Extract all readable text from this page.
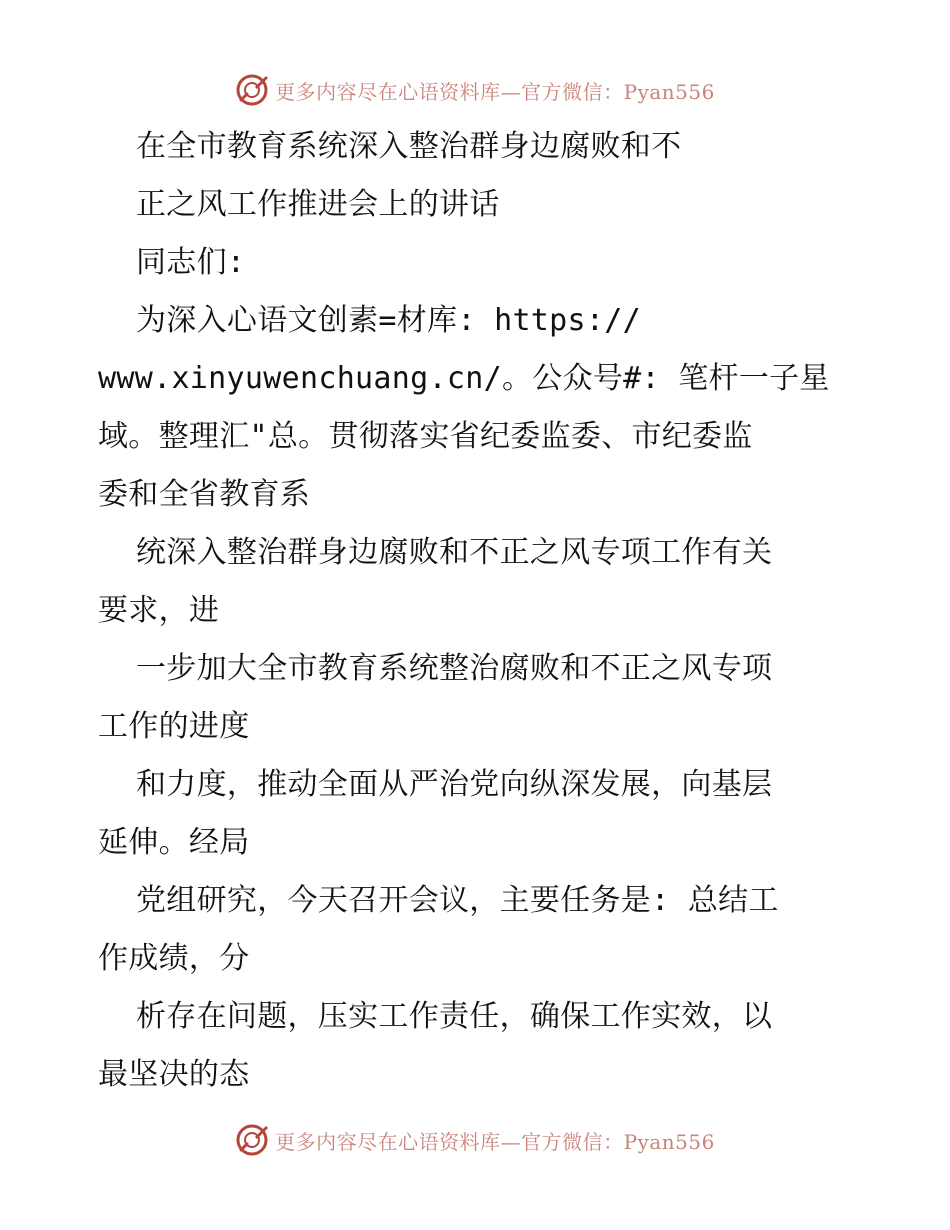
更多内容尽在心语资料库—官方微信：Pyan556
在全市教育系统深入整治群身边腐败和不
正之风工作推进会上的讲话
同志们:
为深入心语文创素=材库: https://
www.xinyuwenchuang.cn/。公众号#: 笔杆一子星
域。整理汇"总。贯彻落实省纪委监委、市纪委监
委和全省教育系
统深入整治群身边腐败和不正之风专项工作有关
要求，进
一步加大全市教育系统整治腐败和不正之风专项
工作的进度
和力度，推动全面从严治党向纵深发展，向基层
延伸。经局
党组研究，今天召开会议，主要任务是: 总结工
作成绩，分
析存在问题，压实工作责任，确保工作实效，以
最坚决的态
更多内容尽在心语资料库—官方微信：Pyan556
